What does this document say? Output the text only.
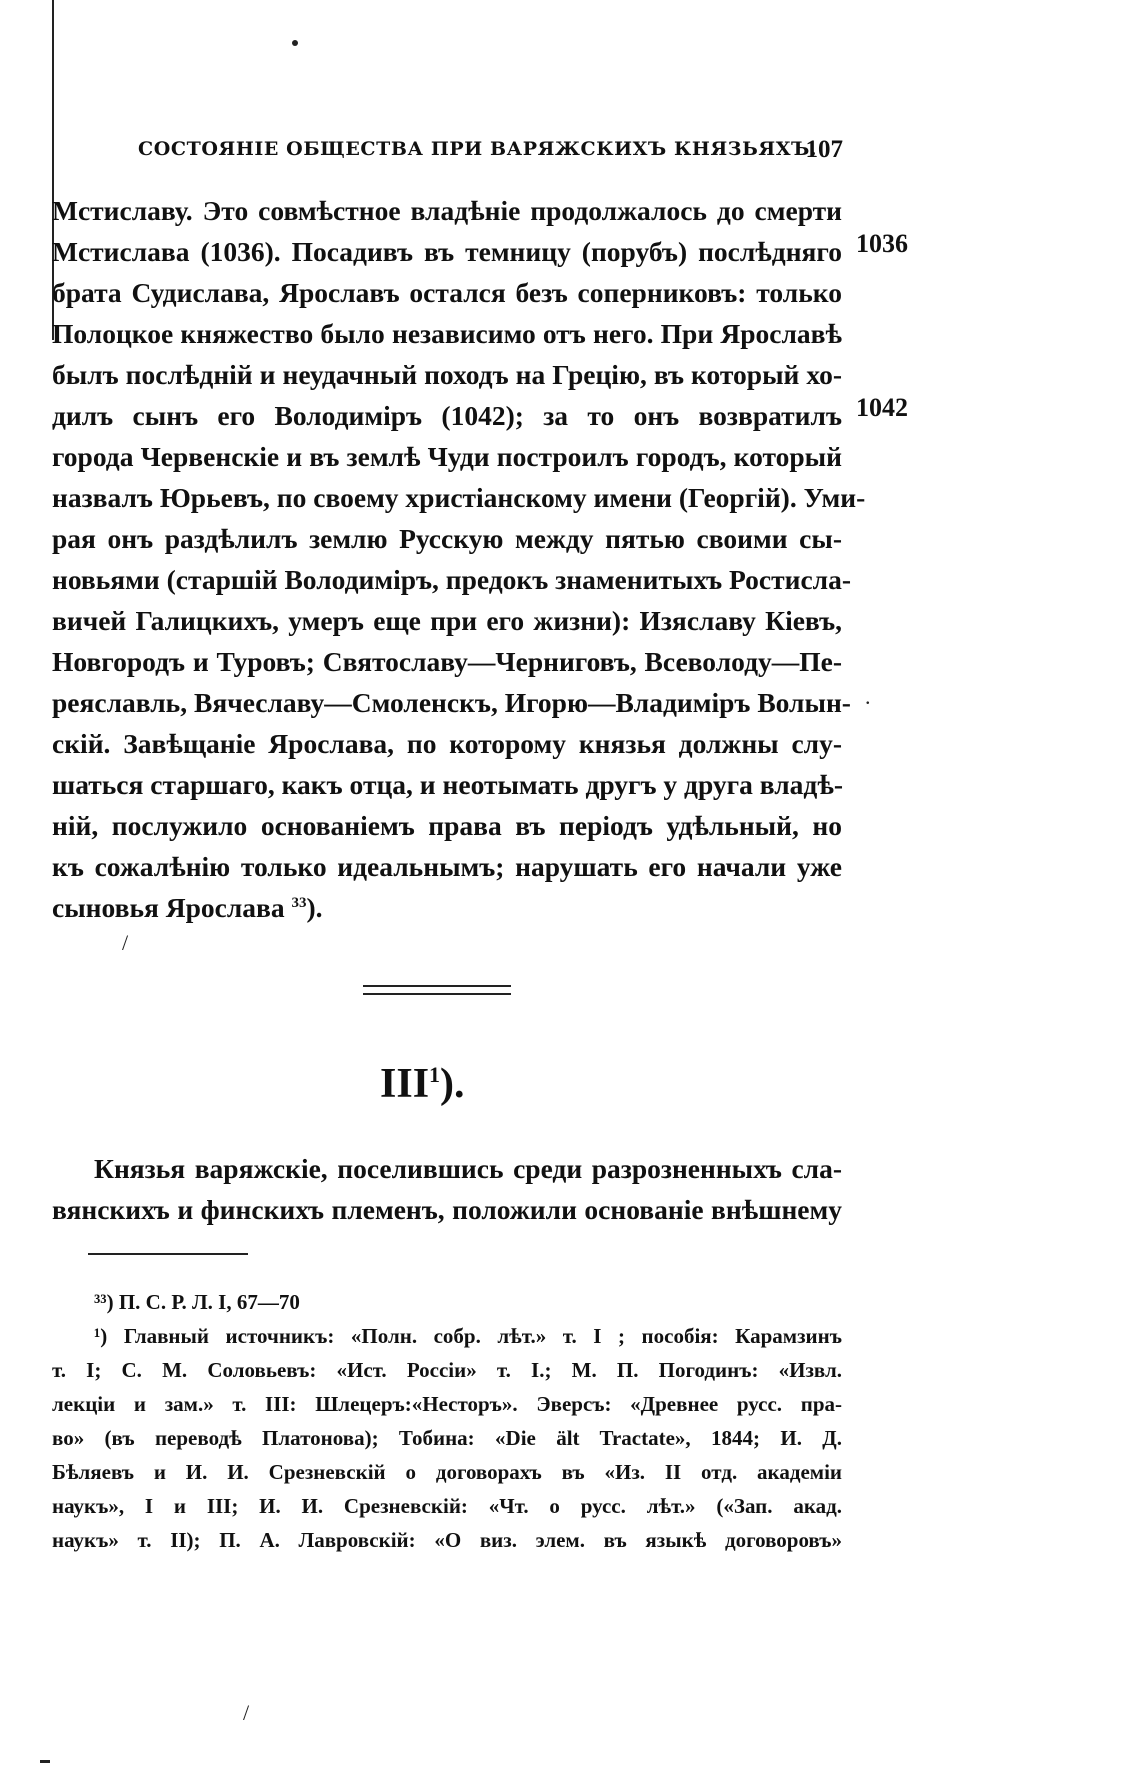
СОСТОЯНІЕ ОБЩЕСТВА ПРИ ВАРЯЖСКИХЪ КНЯЗЬЯХЪ.
107
Мстиславу. Это совмѣстное владѣніе продолжалось до смерти
Мстислава (1036). Посадивъ въ темницу (порубъ) послѣдняго
брата Судислава, Ярославъ остался безъ соперниковъ: только
Полоцкое княжество было независимо отъ него. При Ярославѣ
былъ послѣдній и неудачный походъ на Грецію, въ который хо-
дилъ сынъ его Володиміръ (1042); за то онъ возвратилъ
города Червенскіе и въ землѣ Чуди построилъ городъ, который
назвалъ Юрьевъ, по своему христіанскому имени (Георгій). Уми-
рая онъ раздѣлилъ землю Русскую между пятью своими сы-
новьями (старшій Володиміръ, предокъ знаменитыхъ Ростисла-
вичей Галицкихъ, умеръ еще при его жизни): Изяславу Кіевъ,
Новгородъ и Туровъ; Святославу—Черниговъ, Всеволоду—Пе-
реяславль, Вячеславу—Смоленскъ, Игорю—Владиміръ Волын-
скій. Завѣщаніе Ярослава, по которому князья должны слу-
шаться старшаго, какъ отца, и неотымать другъ у друга владѣ-
ній, послужило основаніемъ права въ періодъ удѣльный, но
къ сожалѣнію только идеальнымъ; нарушать его начали уже
сыновья Ярослава $^{33}$).
1036
1042
.
/
III$^1$).
Князья варяжскіе, поселившись среди разрозненныхъ сла-
вянскихъ и финскихъ племенъ, положили основаніе внѣшнему
³³) П. С. Р. Л. I, 67—70
¹) Главный источникъ: «Полн. собр. лѣт.» т. I ; пособія: Карамзинъ
т. I; С. М. Соловьевъ: «Ист. Россіи» т. I.; М. П. Погодинъ: «Извл.
лекціи и зам.» т. III: Шлецеръ:«Несторъ». Эверсъ: «Древнее русс. пра-
во» (въ переводѣ Платонова); Тобина: «Die ält Tractate», 1844; И. Д.
Бѣляевъ и И. И. Срезневскій о договорахъ въ «Из. II отд. академіи
наукъ», I и III; И. И. Срезневскій: «Чт. о русс. лѣт.» («Зап. акад.
наукъ» т. II); П. А. Лавровскій: «О виз. элем. въ языкѣ договоровъ»
/
